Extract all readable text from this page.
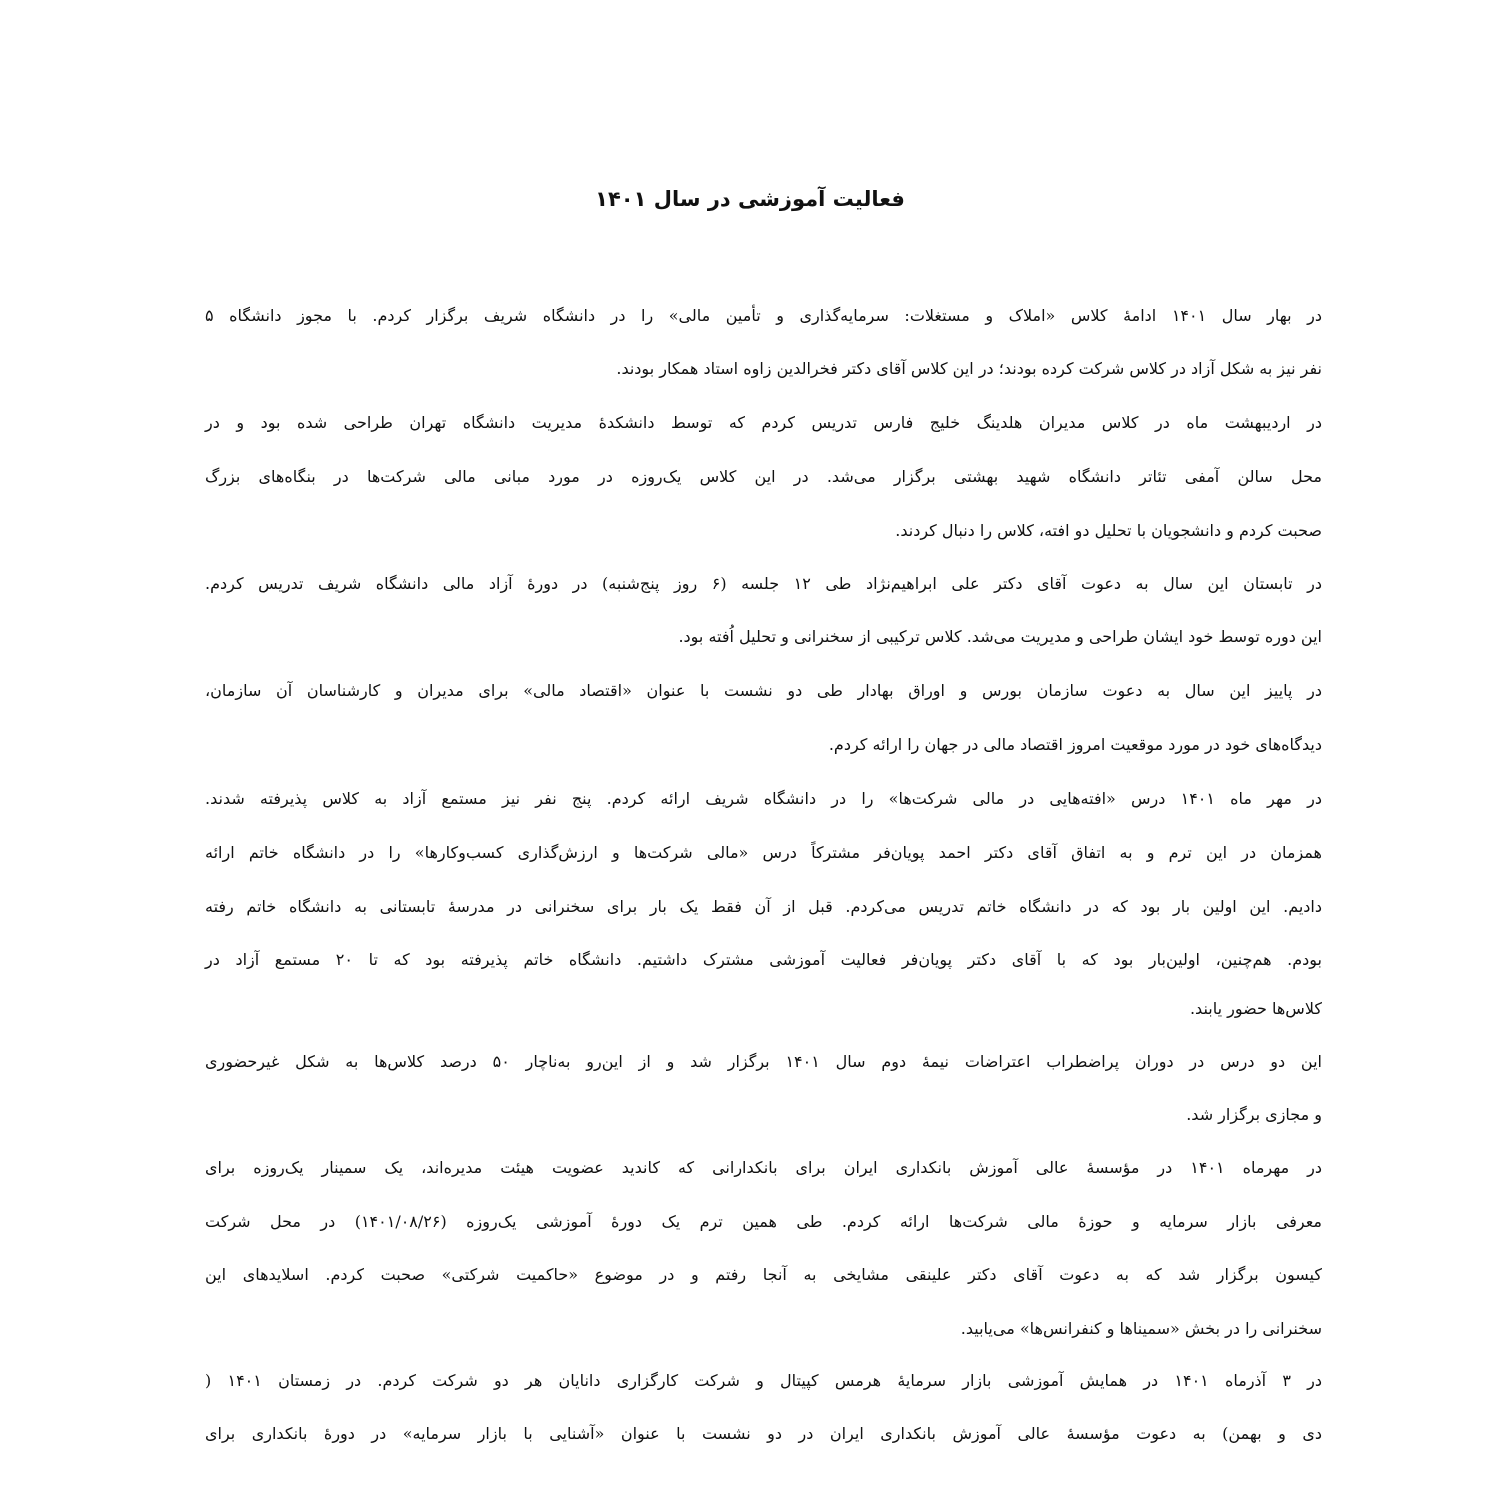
فعالیت آموزشی در سال ۱۴۰۱
در بهار سال ۱۴۰۱ ادامهٔ کلاس «املاک و مستغلات: سرمایه‌گذاری و تأمین مالی» را در دانشگاه شریف برگزار کردم. با مجوز دانشگاه ۵
نفر نیز به شکل آزاد در کلاس شرکت کرده بودند؛ در این کلاس آقای دکتر فخرالدین زاوه استاد همکار بودند.
در اردیبهشت ماه در کلاس مدیران هلدینگ خلیج فارس تدریس کردم که توسط دانشکدهٔ مدیریت دانشگاه تهران طراحی شده بود و در
محل سالن آمفی تئاتر دانشگاه شهید بهشتی برگزار می‌شد. در این کلاس یک‌روزه در مورد مبانی مالی شرکت‌ها در بنگاه‌های بزرگ
صحبت کردم و دانشجویان با تحلیل دو افته، کلاس را دنبال کردند.
در تابستان این سال به دعوت آقای دکتر علی ابراهیم‌نژاد طی ۱۲ جلسه (۶ روز پنج‌شنبه) در دورهٔ آزاد مالی دانشگاه شریف تدریس کردم.
این دوره توسط خود ایشان طراحی و مدیریت می‌شد. کلاس ترکیبی از سخنرانی و تحلیل اُفته بود.
در پاییز این سال به دعوت سازمان بورس و اوراق بهادار طی دو نشست با عنوان «اقتصاد مالی» برای مدیران و کارشناسان آن سازمان،
دیدگاه‌های خود در مورد موقعیت امروز اقتصاد مالی در جهان را ارائه کردم.
در مهر ماه ۱۴۰۱ درس «افته‌هایی در مالی شرکت‌ها» را در دانشگاه شریف ارائه کردم. پنج نفر نیز مستمع آزاد به کلاس پذیرفته شدند.
همزمان در این ترم و به اتفاق آقای دکتر احمد پویان‌فر مشترکاً درس «مالی شرکت‌ها و ارزش‌گذاری کسب‌وکارها» را در دانشگاه خاتم ارائه
دادیم. این اولین بار بود که در دانشگاه خاتم تدریس می‌کردم. قبل از آن فقط یک بار برای سخنرانی در مدرسهٔ تابستانی به دانشگاه خاتم رفته
بودم. هم‌چنین، اولین‌بار بود که با آقای دکتر پویان‌فر فعالیت آموزشی مشترک داشتیم. دانشگاه خاتم پذیرفته بود که تا ۲۰ مستمع آزاد در
کلاس‌ها حضور یابند.
این دو درس در دوران پراضطراب اعتراضات نیمهٔ دوم سال ۱۴۰۱ برگزار شد و از این‌رو به‌ناچار ۵۰ درصد کلاس‌ها به شکل غیرحضوری
و مجازی برگزار شد.
در مهرماه ۱۴۰۱ در مؤسسهٔ عالی آموزش بانکداری ایران برای بانکدارانی که کاندید عضویت هیئت مدیره‌اند، یک سمینار یک‌روزه برای
معرفی بازار سرمایه و حوزهٔ مالی شرکت‌ها ارائه کردم. طی همین ترم یک دورهٔ آموزشی یک‌روزه (۱۴۰۱/۰۸/۲۶) در محل شرکت
کیسون برگزار شد که به دعوت آقای دکتر علینقی مشایخی به آنجا رفتم و در موضوع «حاکمیت شرکتی» صحبت کردم. اسلایدهای این
سخنرانی را در بخش «سمیناها و کنفرانس‌ها» می‌یابید.
در ۳ آذرماه ۱۴۰۱ در همایش آموزشی بازار سرمایهٔ هرمس کپیتال و شرکت کارگزاری دانایان هر دو شرکت کردم. در زمستان ۱۴۰۱ (
دی و بهمن) به دعوت مؤسسهٔ عالی آموزش بانکداری ایران در دو نشست با عنوان «آشنایی با بازار سرمایه» در دورهٔ بانکداری برای
